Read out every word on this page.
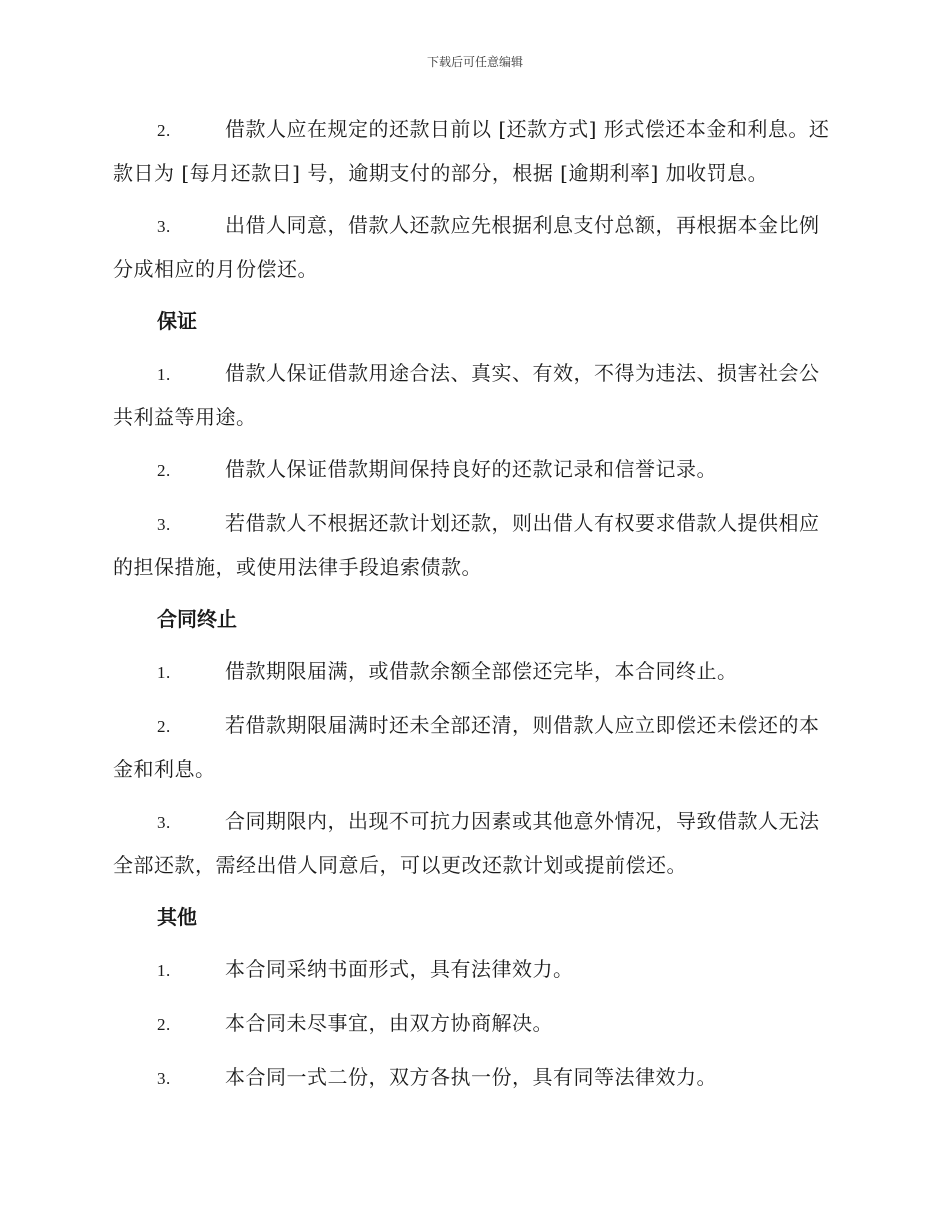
下载后可任意编辑

2.	借款人应在规定的还款日前以 [还款方式] 形式偿还本金和利息。还款日为 [每月还款日] 号，逾期支付的部分，根据 [逾期利率] 加收罚息。

3.	出借人同意，借款人还款应先根据利息支付总额，再根据本金比例分成相应的月份偿还。

保证

1.	借款人保证借款用途合法、真实、有效，不得为违法、损害社会公共利益等用途。

2.	借款人保证借款期间保持良好的还款记录和信誉记录。

3.	若借款人不根据还款计划还款，则出借人有权要求借款人提供相应的担保措施，或使用法律手段追索债款。

合同终止

1.	借款期限届满，或借款余额全部偿还完毕，本合同终止。

2.	若借款期限届满时还未全部还清，则借款人应立即偿还未偿还的本金和利息。

3.	合同期限内，出现不可抗力因素或其他意外情况，导致借款人无法全部还款，需经出借人同意后，可以更改还款计划或提前偿还。

其他

1.	本合同采纳书面形式，具有法律效力。

2.	本合同未尽事宜，由双方协商解决。

3.	本合同一式二份，双方各执一份，具有同等法律效力。
